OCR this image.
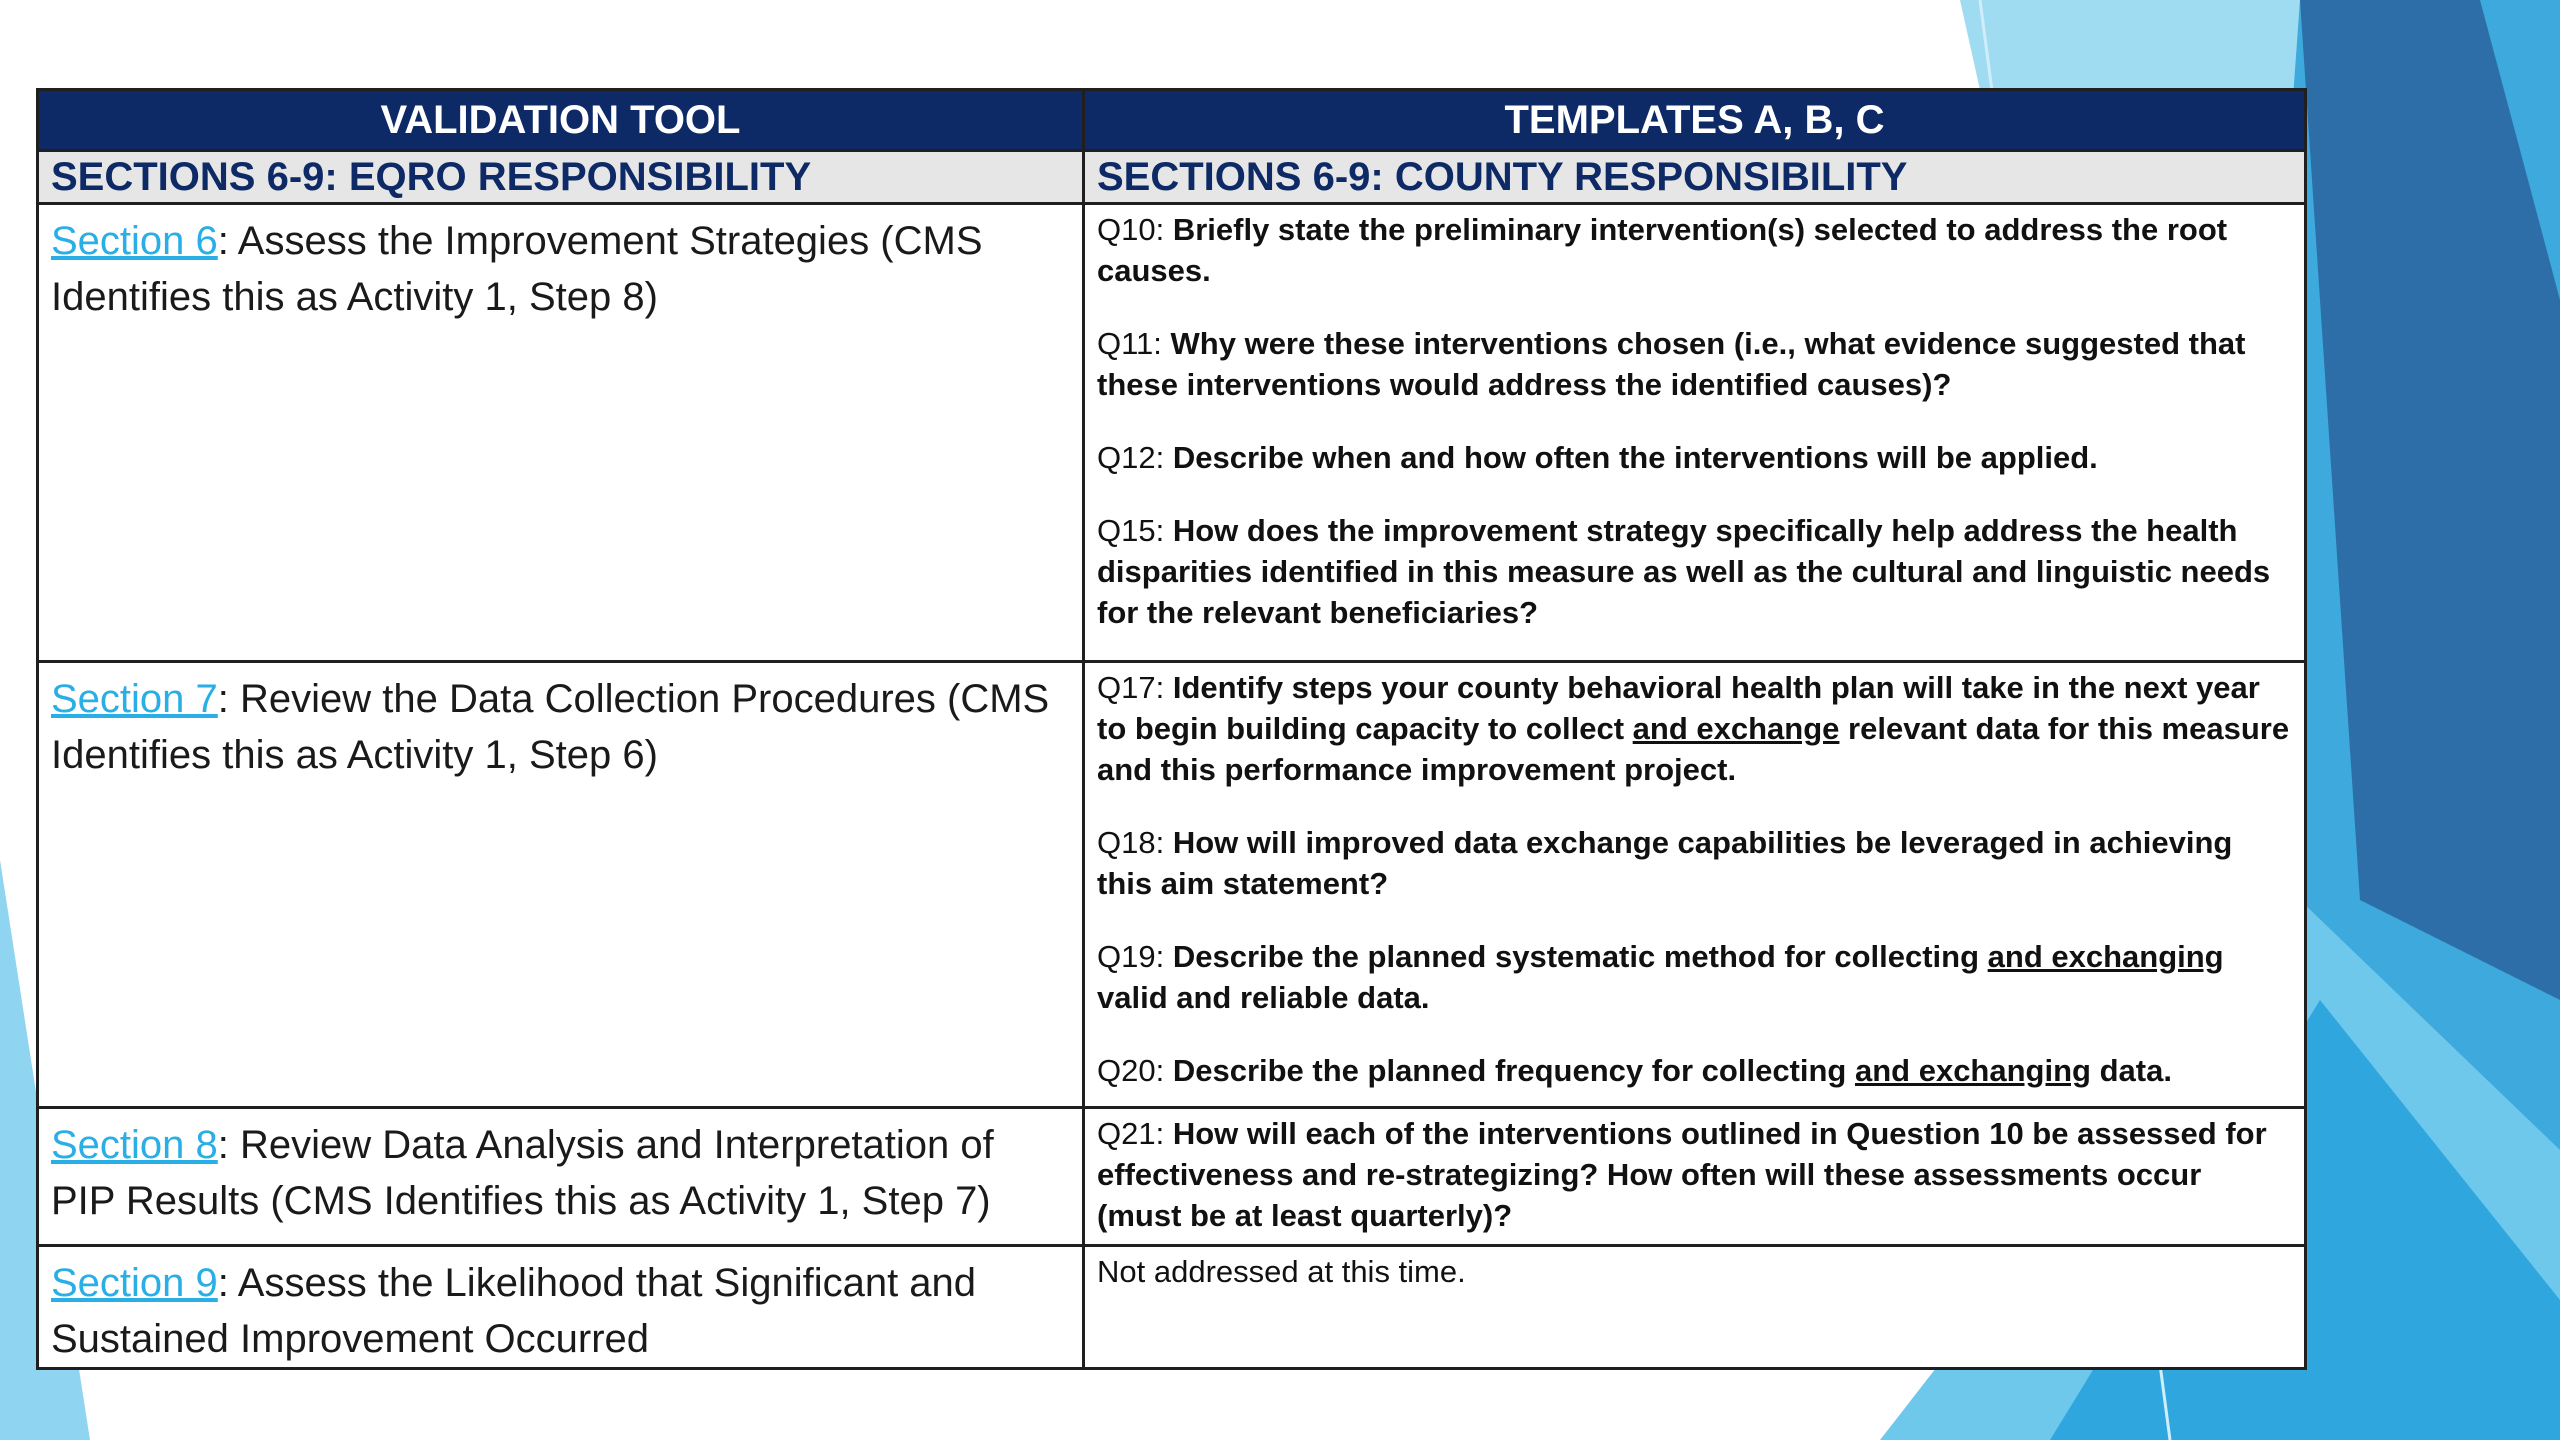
VALIDATION TOOL	TEMPLATES A, B, C
SECTIONS 6-9: EQRO RESPONSIBILITY	SECTIONS 6-9: COUNTY RESPONSIBILITY
Section 6: Assess the Improvement Strategies (CMS Identifies this as Activity 1, Step 8)	Q10: Briefly state the preliminary intervention(s) selected to address the root causes.

Q11: Why were these interventions chosen (i.e., what evidence suggested that these interventions would address the identified causes)?

Q12: Describe when and how often the interventions will be applied.

Q15: How does the improvement strategy specifically help address the health disparities identified in this measure as well as the cultural and linguistic needs for the relevant beneficiaries?

Section 7: Review the Data Collection Procedures (CMS Identifies this as Activity 1, Step 6)	Q17: Identify steps your county behavioral health plan will take in the next year to begin building capacity to collect and exchange relevant data for this measure and this performance improvement project.

Q18: How will improved data exchange capabilities be leveraged in achieving this aim statement?

Q19: Describe the planned systematic method for collecting and exchanging valid and reliable data.

Q20: Describe the planned frequency for collecting and exchanging data.

Section 8: Review Data Analysis and Interpretation of PIP Results (CMS Identifies this as Activity 1, Step 7)	Q21: How will each of the interventions outlined in Question 10 be assessed for effectiveness and re-strategizing? How often will these assessments occur (must be at least quarterly)?

Section 9: Assess the Likelihood that Significant and Sustained Improvement Occurred	Not addressed at this time.
